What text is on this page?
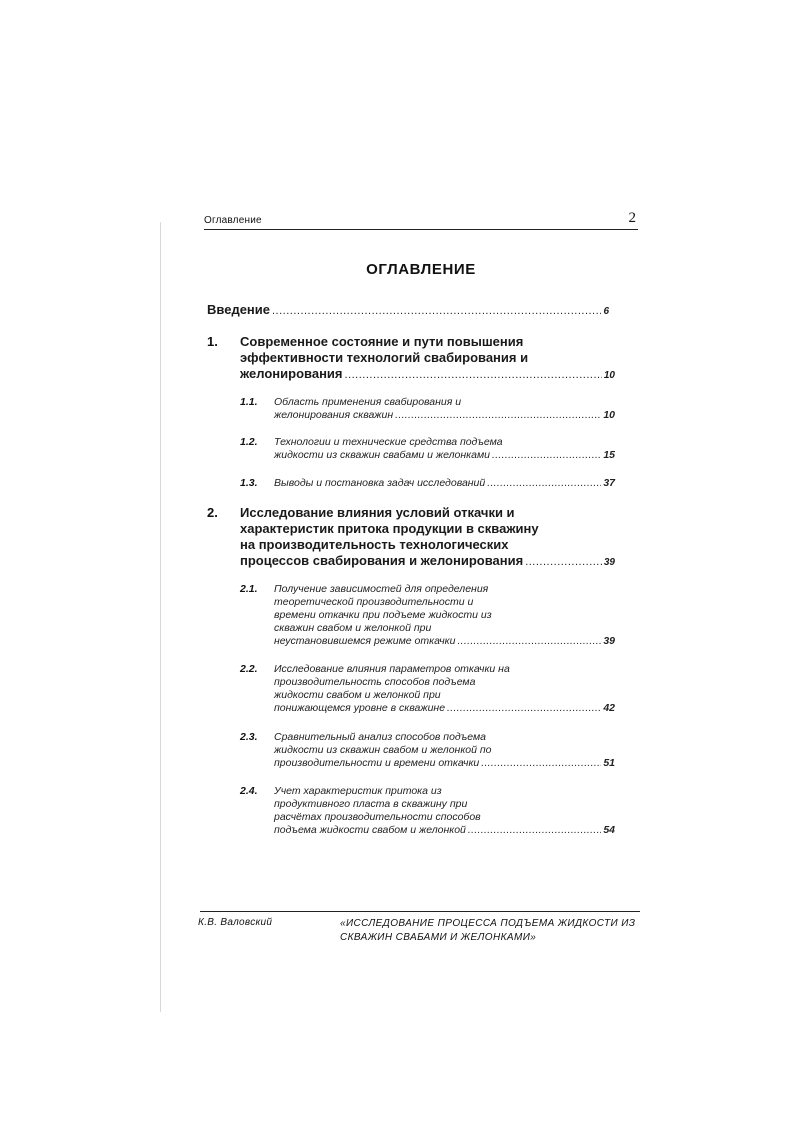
Оглавление	2
ОГЛАВЛЕНИЕ
Введение .....	6
1. Современное состояние и пути повышения
эффективности технологий свабирования и
желонирования .....	10
1.1. Область применения свабирования и
желонирования скважин .....	10
1.2. Технологии и технические средства подъема
жидкости из скважин свабами и желонками .....	15
1.3. Выводы и постановка задач исследований .....	37
2. Исследование влияния условий откачки и
характеристик притока продукции в скважину
на производительность технологических
процессов свабирования и желонирования .....	39
2.1. Получение зависимостей для определения
теоретической производительности и
времени откачки при подъеме жидкости из
скважин свабом и желонкой при
неустановившемся режиме откачки .....	39
2.2. Исследование влияния параметров откачки на
производительность способов подъема
жидкости свабом и желонкой при
понижающемся уровне в скважине .....	42
2.3. Сравнительный анализ способов подъема
жидкости из скважин свабом и желонкой по
производительности и времени откачки .....	51
2.4. Учет характеристик притока из
продуктивного пласта в скважину при
расчётах производительности способов
подъема жидкости свабом и желонкой .....	54
К.В. Валовский	«ИССЛЕДОВАНИЕ ПРОЦЕССА ПОДЪЕМА ЖИДКОСТИ ИЗ
СКВАЖИН СВАБАМИ И ЖЕЛОНКАМИ»
